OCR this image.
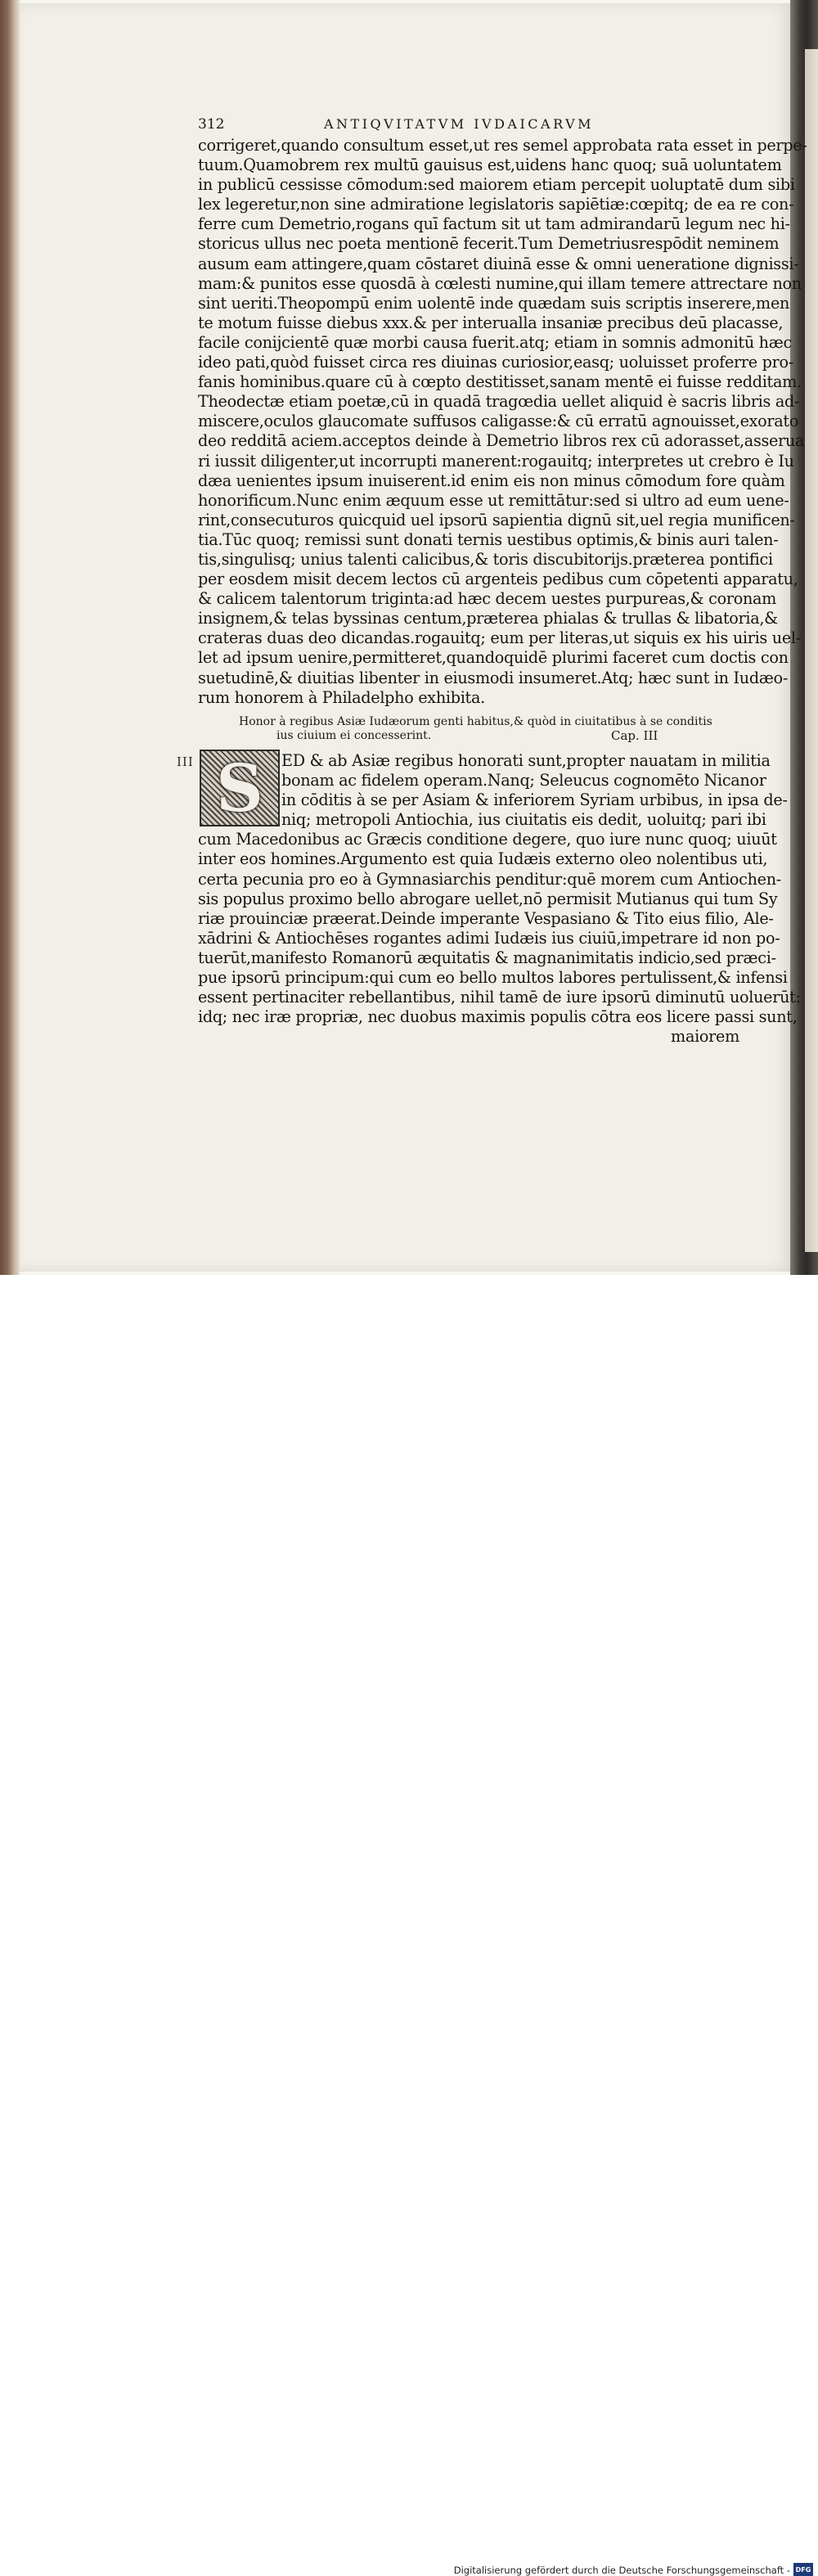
312	ANTIQVITATVM IVDAICARVM
corrigeret,quando consultum esset,ut res semel approbata rata esset in perpe-
tuum.Quamobrem rex multū gauisus est,uidens hanc quoq; suā uoluntatem
in publicū cessisse cōmodum:sed maiorem etiam percepit uoluptatē dum sibi
lex legeretur,non sine admiratione legislatoris sapiētiæ:cœpitq; de ea re con-
ferre cum Demetrio,rogans quī factum sit ut tam admirandarū legum nec hi-
storicus ullus nec poeta mentionē fecerit.Tum Demetriusrespōdit neminem
ausum eam attingere,quam cōstaret diuinā esse & omni ueneratione dignissi-
mam:& punitos esse quosdā à cœlesti numine,qui illam temere attrectare non
sint ueriti.Theopompū enim uolentē inde quædam suis scriptis inserere,men
te motum fuisse diebus xxx.& per interualla insaniæ precibus deū placasse,
facile conijcientē quæ morbi causa fuerit.atq; etiam in somnis admonitū hæc
ideo pati,quòd fuisset circa res diuinas curiosior,easq; uoluisset proferre pro-
fanis hominibus.quare cū à cœpto destitisset,sanam mentē ei fuisse redditam.
Theodectæ etiam poetæ,cū in quadā tragœdia uellet aliquid è sacris libris ad-
miscere,oculos glaucomate suffusos caligasse:& cū erratū agnouisset,exorato
deo redditā aciem.acceptos deinde à Demetrio libros rex cū adorasset,asserua
ri iussit diligenter,ut incorrupti manerent:rogauitq; interpretes ut crebro è Iu
dæa uenientes ipsum inuiserent.id enim eis non minus cōmodum fore quàm
honorificum.Nunc enim æquum esse ut remittātur:sed si ultro ad eum uene-
rint,consecuturos quicquid uel ipsorū sapientia dignū sit,uel regia munificen-
tia.Tūc quoq; remissi sunt donati ternis uestibus optimis,& binis auri talen-
tis,singulisq; unius talenti calicibus,& toris discubitorijs.præterea pontifici
per eosdem misit decem lectos cū argenteis pedibus cum cōpetenti apparatu,
& calicem talentorum triginta:ad hæc decem uestes purpureas,& coronam
insignem,& telas byssinas centum,præterea phialas & trullas & libatoria,&
crateras duas deo dicandas.rogauitq; eum per literas,ut siquis ex his uiris uel-
let ad ipsum uenire,permitteret,quandoquidē plurimi faceret cum doctis con
suetudinē,& diuitias libenter in eiusmodi insumeret.Atq; hæc sunt in Iudæo-
rum honorem à Philadelpho exhibita.
Honor à regibus Asiæ Iudæorum genti habitus,& quòd in ciuitatibus à se conditis
ius ciuium ei concesserint.	Cap. III
III S	ED & ab Asiæ regibus honorati sunt,propter nauatam in militia
bonam ac fidelem operam.Nanq; Seleucus cognomēto Nicanor
in cōditis à se per Asiam & inferiorem Syriam urbibus, in ipsa de-
niq; metropoli Antiochia, ius ciuitatis eis dedit, uoluitq; pari ibi
cum Macedonibus ac Græcis conditione degere, quo iure nunc quoq; uiuūt
inter eos homines.Argumento est quia Iudæis externo oleo nolentibus uti,
certa pecunia pro eo à Gymnasiarchis penditur:quē morem cum Antiochen-
sis populus proximo bello abrogare uellet,nō permisit Mutianus qui tum Sy
riæ prouinciæ præerat.Deinde imperante Vespasiano & Tito eius filio, Ale-
xādrini & Antiochēses rogantes adimi Iudæis ius ciuiū,impetrare id non po-
tuerūt,manifesto Romanorū æquitatis & magnanimitatis indicio,sed præci-
pue ipsorū principum:qui cum eo bello multos labores pertulissent,& infensi
essent pertinaciter rebellantibus, nihil tamē de iure ipsorū diminutū uoluerūt:
idq; nec iræ propriæ, nec duobus maximis populis cōtra eos licere passi sunt,
maiorem
Digitalisierung gefördert durch die Deutsche Forschungsgemeinschaft - DFG
